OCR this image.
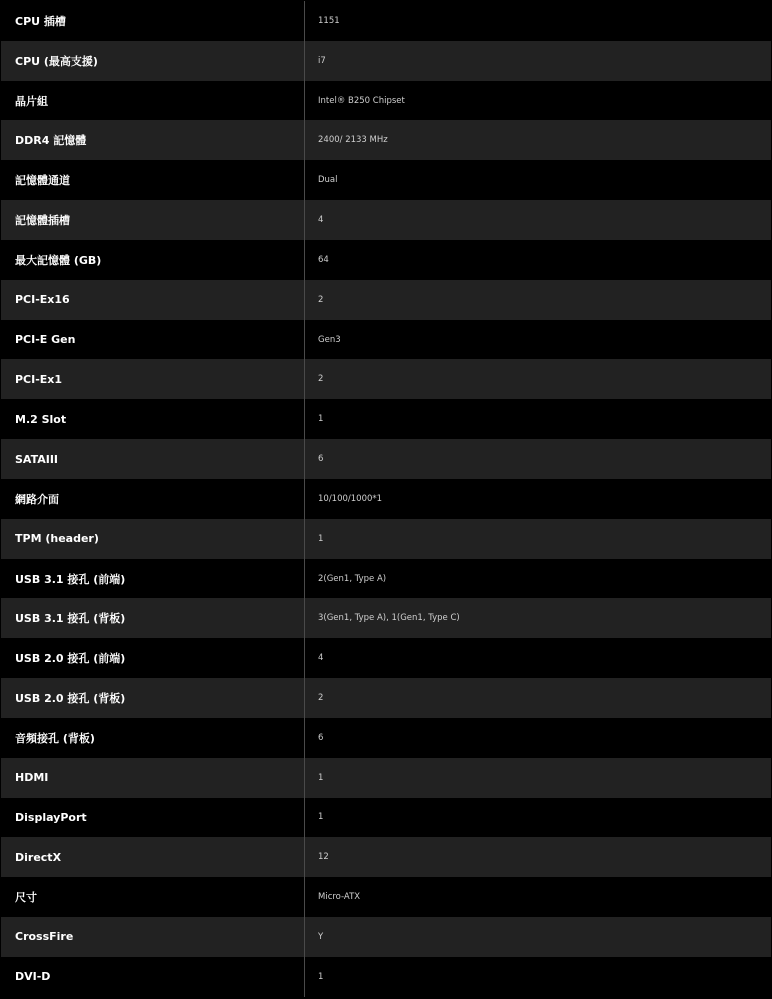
CPU 插槽	1151
CPU (最高支援)	i7
晶片組	Intel® B250 Chipset
DDR4 記憶體	2400/ 2133 MHz
記憶體通道	Dual
記憶體插槽	4
最大記憶體 (GB)	64
PCI-Ex16	2
PCI-E Gen	Gen3
PCI-Ex1	2
M.2 Slot	1
SATAIII	6
網路介面	10/100/1000*1
TPM (header)	1
USB 3.1 接孔 (前端)	2(Gen1, Type A)
USB 3.1 接孔 (背板)	3(Gen1, Type A), 1(Gen1, Type C)
USB 2.0 接孔 (前端)	4
USB 2.0 接孔 (背板)	2
音頻接孔 (背板)	6
HDMI	1
DisplayPort	1
DirectX	12
尺寸	Micro-ATX
CrossFire	Y
DVI-D	1
